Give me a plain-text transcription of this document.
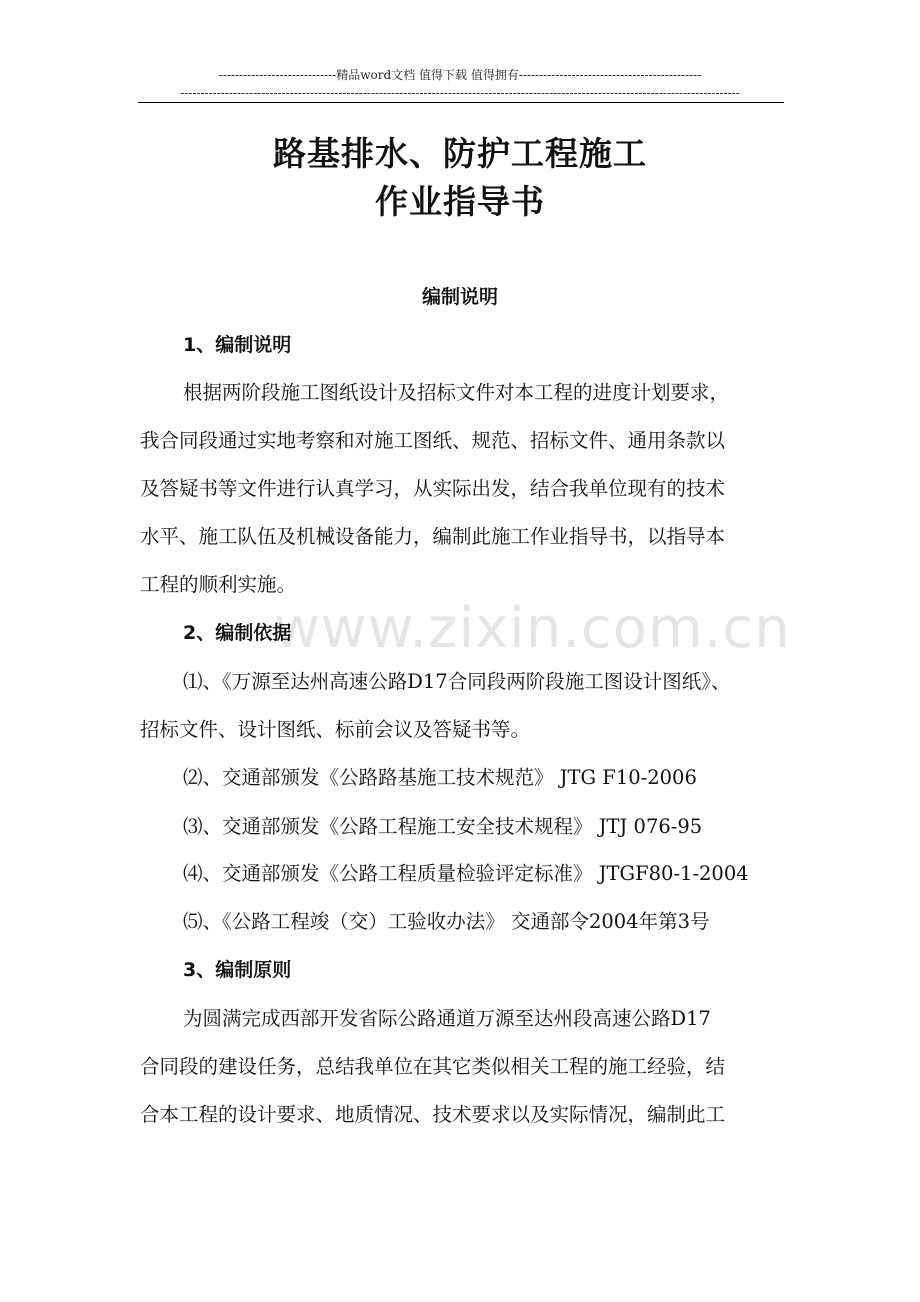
-----------------------------精品word文档 值得下载 值得拥有---------------------------------------------
------------------------------------------------------------------------------------------------------------------------------------------
路基排水、防护工程施工
作业指导书
编制说明
1、编制说明
根据两阶段施工图纸设计及招标文件对本工程的进度计划要求，
我合同段通过实地考察和对施工图纸、规范、招标文件、通用条款以
及答疑书等文件进行认真学习，从实际出发，结合我单位现有的技术
水平、施工队伍及机械设备能力，编制此施工作业指导书，以指导本
工程的顺利实施。
2、编制依据
⑴、《万源至达州高速公路D17合同段两阶段施工图设计图纸》、
招标文件、设计图纸、标前会议及答疑书等。
⑵、交通部颁发《公路路基施工技术规范》 JTG F10-2006
⑶、交通部颁发《公路工程施工安全技术规程》 JTJ 076-95
⑷、交通部颁发《公路工程质量检验评定标准》 JTGF80-1-2004
⑸、《公路工程竣（交）工验收办法》 交通部令2004年第3号
3、编制原则
为圆满完成西部开发省际公路通道万源至达州段高速公路D17
合同段的建设任务，总结我单位在其它类似相关工程的施工经验，结
合本工程的设计要求、地质情况、技术要求以及实际情况，编制此工
www.zixin.com.cn
